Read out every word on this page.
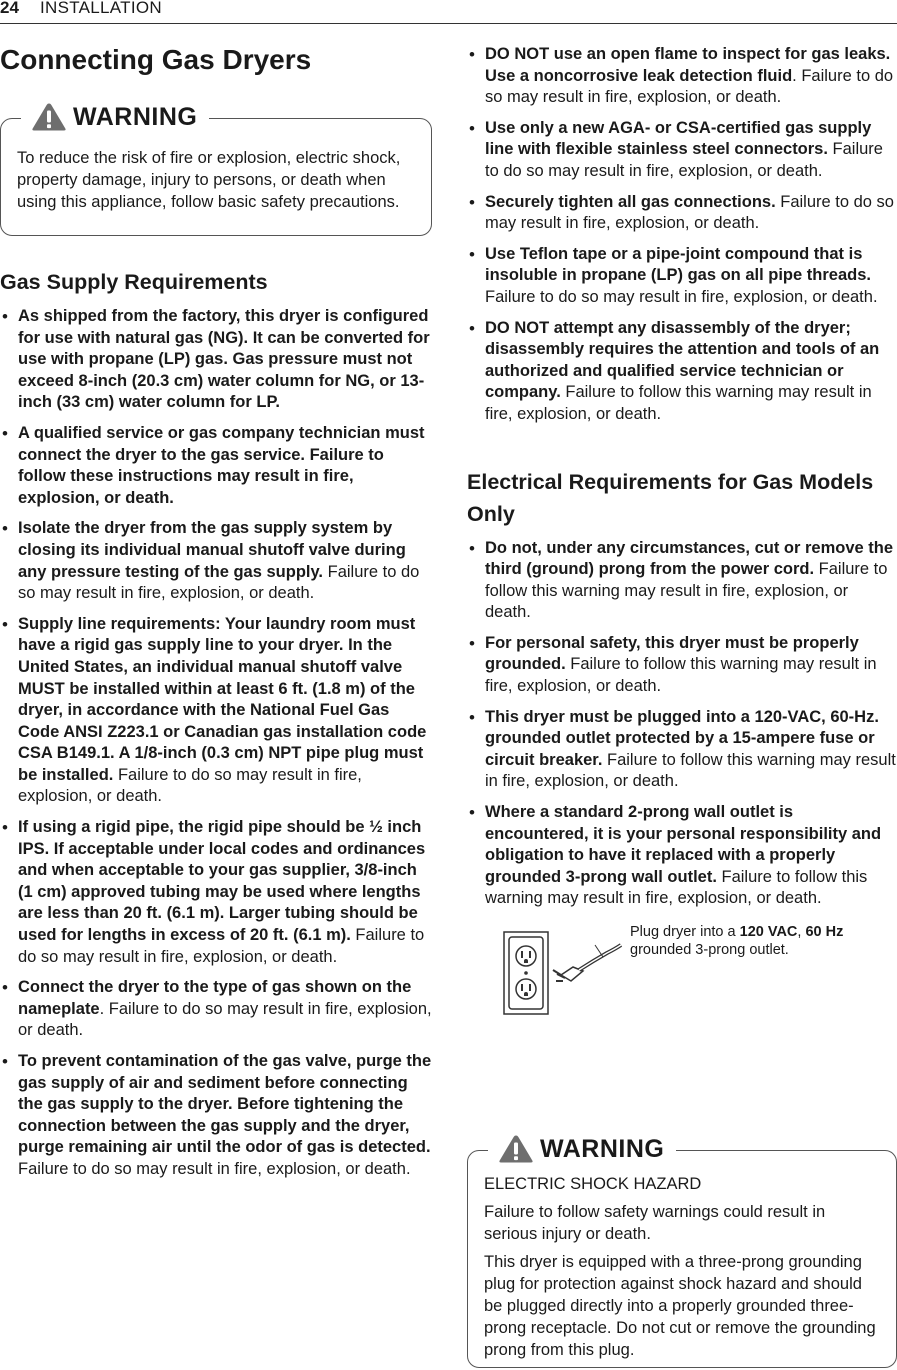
24 INSTALLATION
Connecting Gas Dryers
WARNING
To reduce the risk of fire or explosion, electric shock, property damage, injury to persons, or death when using this appliance, follow basic safety precautions.
Gas Supply Requirements
• As shipped from the factory, this dryer is configured for use with natural gas (NG). It can be converted for use with propane (LP) gas. Gas pressure must not exceed 8-inch (20.3 cm) water column for NG, or 13-inch (33 cm) water column for LP.
• A qualified service or gas company technician must connect the dryer to the gas service. Failure to follow these instructions may result in fire, explosion, or death.
• Isolate the dryer from the gas supply system by closing its individual manual shutoff valve during any pressure testing of the gas supply. Failure to do so may result in fire, explosion, or death.
• Supply line requirements: Your laundry room must have a rigid gas supply line to your dryer. In the United States, an individual manual shutoff valve MUST be installed within at least 6 ft. (1.8 m) of the dryer, in accordance with the National Fuel Gas Code ANSI Z223.1 or Canadian gas installation code CSA B149.1. A 1/8-inch (0.3 cm) NPT pipe plug must be installed. Failure to do so may result in fire, explosion, or death.
• If using a rigid pipe, the rigid pipe should be ½ inch IPS. If acceptable under local codes and ordinances and when acceptable to your gas supplier, 3/8-inch (1 cm) approved tubing may be used where lengths are less than 20 ft. (6.1 m). Larger tubing should be used for lengths in excess of 20 ft. (6.1 m). Failure to do so may result in fire, explosion, or death.
• Connect the dryer to the type of gas shown on the nameplate. Failure to do so may result in fire, explosion, or death.
• To prevent contamination of the gas valve, purge the gas supply of air and sediment before connecting the gas supply to the dryer. Before tightening the connection between the gas supply and the dryer, purge remaining air until the odor of gas is detected. Failure to do so may result in fire, explosion, or death.
• DO NOT use an open flame to inspect for gas leaks. Use a noncorrosive leak detection fluid. Failure to do so may result in fire, explosion, or death.
• Use only a new AGA- or CSA-certified gas supply line with flexible stainless steel connectors. Failure to do so may result in fire, explosion, or death.
• Securely tighten all gas connections. Failure to do so may result in fire, explosion, or death.
• Use Teflon tape or a pipe-joint compound that is insoluble in propane (LP) gas on all pipe threads. Failure to do so may result in fire, explosion, or death.
• DO NOT attempt any disassembly of the dryer; disassembly requires the attention and tools of an authorized and qualified service technician or company. Failure to follow this warning may result in fire, explosion, or death.
Electrical Requirements for Gas Models Only
• Do not, under any circumstances, cut or remove the third (ground) prong from the power cord. Failure to follow this warning may result in fire, explosion, or death.
• For personal safety, this dryer must be properly grounded. Failure to follow this warning may result in fire, explosion, or death.
• This dryer must be plugged into a 120-VAC, 60-Hz. grounded outlet protected by a 15-ampere fuse or circuit breaker. Failure to follow this warning may result in fire, explosion, or death.
• Where a standard 2-prong wall outlet is encountered, it is your personal responsibility and obligation to have it replaced with a properly grounded 3-prong wall outlet. Failure to follow this warning may result in fire, explosion, or death.
Plug dryer into a 120 VAC, 60 Hz grounded 3-prong outlet.
WARNING

ELECTRIC SHOCK HAZARD

Failure to follow safety warnings could result in serious injury or death.

This dryer is equipped with a three-prong grounding plug for protection against shock hazard and should be plugged directly into a properly grounded three-prong receptacle. Do not cut or remove the grounding prong from this plug.
